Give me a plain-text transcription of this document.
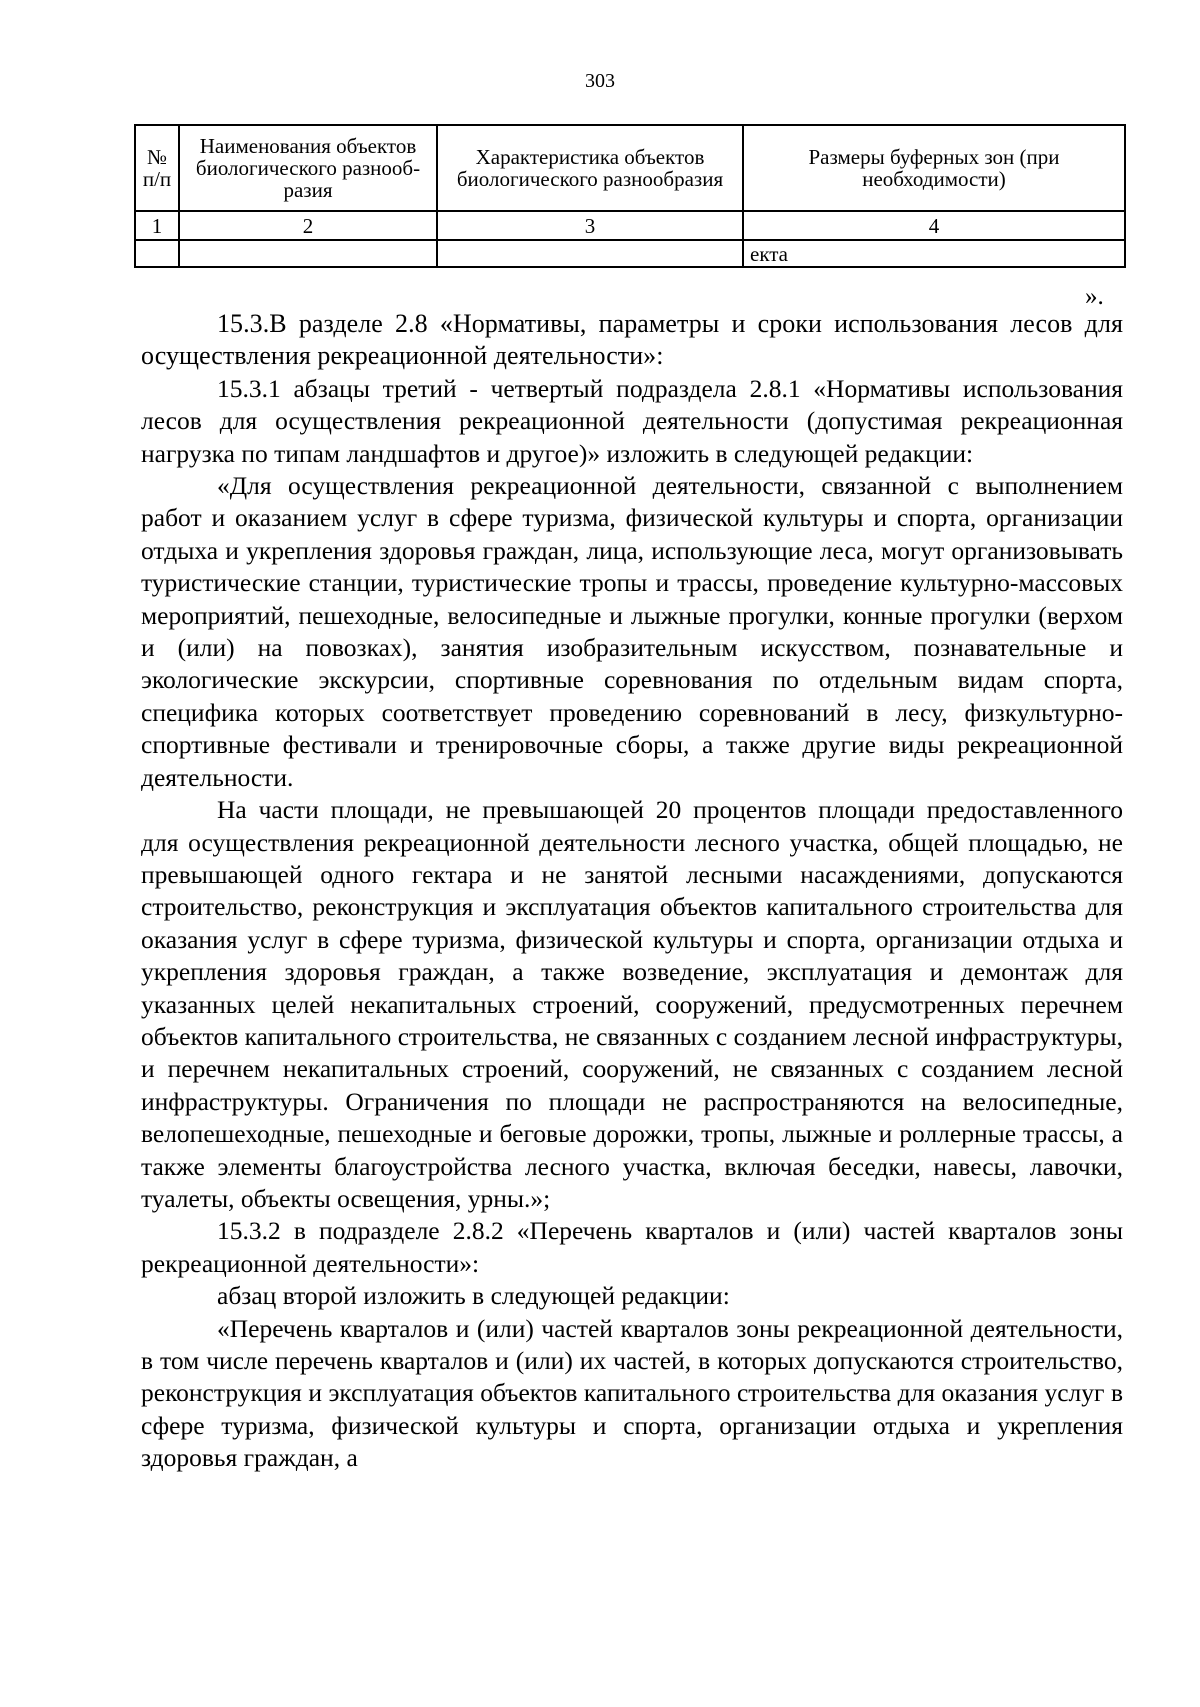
303
№ п/п	Наименования объектов биологического разнооб-разия	Характеристика объектов биологического разнообразия	Размеры буферных зон (при необходимости)
1	2	3	4
			екта
».

15.3.В разделе 2.8 «Нормативы, параметры и сроки использования лесов для осуществления рекреационной деятельности»:

15.3.1 абзацы третий - четвертый подраздела 2.8.1 «Нормативы использования лесов для осуществления рекреационной деятельности (допустимая рекреационная нагрузка по типам ландшафтов и другое)» изложить в следующей редакции:

«Для осуществления рекреационной деятельности, связанной с выполнением работ и оказанием услуг в сфере туризма, физической культуры и спорта, организации отдыха и укрепления здоровья граждан, лица, использующие леса, могут организовывать туристические станции, туристические тропы и трассы, проведение культурно-массовых мероприятий, пешеходные, велосипедные и лыжные прогулки, конные прогулки (верхом и (или) на повозках), занятия изобразительным искусством, познавательные и экологические экскурсии, спортивные соревнования по отдельным видам спорта, специфика которых соответствует проведению соревнований в лесу, физкультурно-спортивные фестивали и тренировочные сборы, а также другие виды рекреационной деятельности.

На части площади, не превышающей 20 процентов площади предоставленного для осуществления рекреационной деятельности лесного участка, общей площадью, не превышающей одного гектара и не занятой лесными насаждениями, допускаются строительство, реконструкция и эксплуатация объектов капитального строительства для оказания услуг в сфере туризма, физической культуры и спорта, организации отдыха и укрепления здоровья граждан, а также возведение, эксплуатация и демонтаж для указанных целей некапитальных строений, сооружений, предусмотренных перечнем объектов капитального строительства, не связанных с созданием лесной инфраструктуры, и перечнем некапитальных строений, сооружений, не связанных с созданием лесной инфраструктуры. Ограничения по площади не распространяются на велосипедные, велопешеходные, пешеходные и беговые дорожки, тропы, лыжные и роллерные трассы, а также элементы благоустройства лесного участка, включая беседки, навесы, лавочки, туалеты, объекты освещения, урны.»;

15.3.2 в подразделе 2.8.2 «Перечень кварталов и (или) частей кварталов зоны рекреационной деятельности»:

абзац второй изложить в следующей редакции:

«Перечень кварталов и (или) частей кварталов зоны рекреационной деятельности, в том числе перечень кварталов и (или) их частей, в которых допускаются строительство, реконструкция и эксплуатация объектов капитального строительства для оказания услуг в сфере туризма, физической культуры и спорта, организации отдыха и укрепления здоровья граждан, а
